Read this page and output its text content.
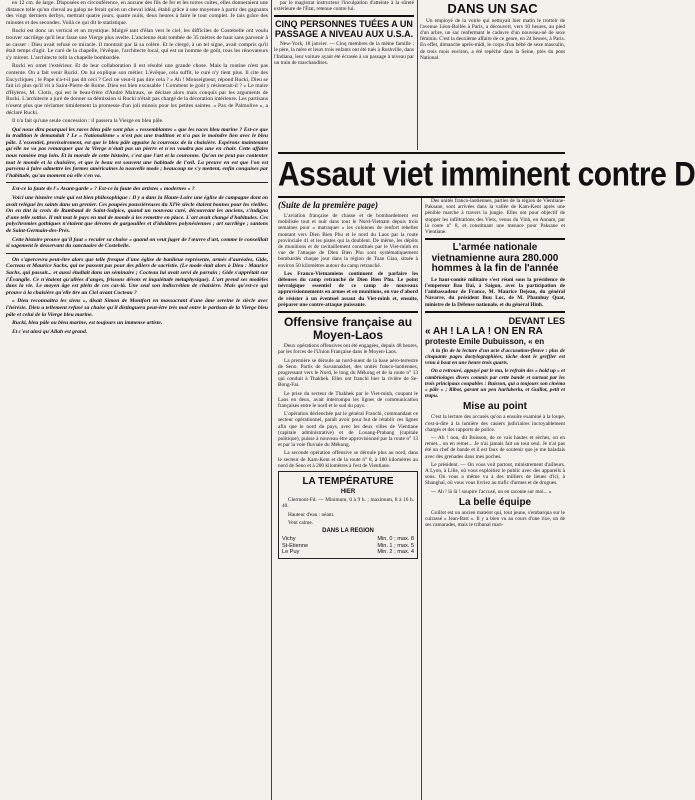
en 12 cm. de large. Disposées en circonférence, en aucune des fils de fer et les torres cuites, elles donneraient une distance telle qu'un cheval au galop ne ferait qu'en un cheval idéal, établi grâce à une moyenne à partir des gagnants des vingt derniers derbys, mettrait quatre jours, quatre nuits, deux heures à faire le tour complet. Je tais grâce des minutes et des secondes. Voilà ce qui dit le statistique.

Rucki est donc un vertical et un mystique. Malgré tant d'élan vers le ciel, les difficiles de Costebelle ont voulu trouver sacrilège qu'il leur fasse une Vierge plus avelte. L'ancienne était tombée de 35 mètres de haut sans parvenir à se casser : Dieu avait refusé ce miracle. Il montrait par là sa colère. Et le clergé, à un tel signe, avait compris qu'il était temps d'agir. Le curé de la chapelle, l'évêque, l'architecte local, qui est un homme de goût, tous les rénovateurs s'y mirent. L'architecte relit la chapelle bombardée.

Rucki en omet l'extérieur. Et de leur collaboration il est résulté une grande chose. Mais la routine n'est pas contente. On a fait venir Rucki. On lui explique son métier. L'évêque, cela suffit, le curé n'y tient plus. Il cite des Encycliques ; le Pape n'a-t-il pas dit ceci ? Ceci ne veut-il pas dire cela ? « Ah ! Monseigneur, répond Rucki, Dieu se fait ici plus qu'il vit à Saint-Pierre de Rome. Dieu est bien excusable ! Comment le goût y résisterait-il ? » Le maire d'Hyères, M. Clotis, qui est le beau-frère d'André Malraux, se déclare alors mais conquis par les arguments de Rucki. L'architecte a juré de donner sa démission si Rucki n'était pas chargé de la décoration intérieure. Les partisans n'osent plus que réclamer timidement la promesse d'un joli minois pour les petites saintes. « Pax de Palmolive », a déclaré Rucki.

Il n'a fait qu'une seule concession : il passera la Vierge en bleu pâle.

Qui nous dira pourquoi les races bleu pâle sont plus « ressemblantes » que les races bleu marine ? Est-ce que la tradition le demandait ? Le « Nationalisme » n'est pas une tradition et n'a pas le moindre lien avec le bleu pâle. L'essentiel, provisoirement, est que le bleu pâle appaise la courroux de la chaisière. Espérons maintenant qu'elle ne va pas remarquer que la Vierge n'était pas un pierre et n'en voudra pas une en chair. Cette affaire nous ramène trop loin. Et la morale de cette histoire, c'est que l'art et la couronne. Qu'on ne peut pas contenter tout le monde et la chaisière, et que le beau est souvent une habitude de l'œil. La preuve en est que l'on est parvenu à faire admettre les formes américaines la nouvelle mode ; beaucoup ne s'y mettent, enfin conquises par l'habitude, qu'au moment où elle s'en va.

Est-ce la faute de l'« Avant-garde » ? Est-ce la faute des artistes « modernes » ?

Voici une histoire vraie qui est bien philosophique : Il y a dans la Haute-Loire une église de campagne dont on avait relégué les saints dans un grenier. Ces poupées poussiéreuses du XIVe siècle étaient bonnes pour les vieilles. On en tint la croix de Rambaud de Saint-Sulpice, quand un nouveau curé, découvrant les anciens, s'indigna d'une telle sottise. Il mit tout le pays en mal de monde à les remettre en place. L'art avait changé d'habitudes. Ces polychromies gothiques n'étaient que dévotes de gargouilles et d'idolâtres polynésiennes ; art sacrilège ; santons de Saint-Germain-des-Prés.

Cette histoire prouve qu'il faut « reculer sa chaise » quand on veut juger de l'œuvre d'art, comme le conseillait si sagement le desservant du sanctuaire de Costebelle.

On s'apercevra peut-être alors que telle fresque d'une église de banlieue représente, armés d'auréoles, Gide, Cocteau et Maurice Sachs, qui ne passent pas pour des piliers de sacristie. (Le mode était alors à Dieu : Maurice Sachs, qui passait... et aussi étudiait dans un séminaire ; Cocteau lui avait servi de parrain ; Gide s'apprêtait sur l'Évangile. Ce n'étaient qu'allées d'anges, frissons dévots et inquiétude métaphysique). L'art prend ses modèles dans la vie. Le moyen âge est plein de ces cas-là. Une seul son indiscrétion de chaisière. Mais qu'est-ce qui prouve à la chaisière qu'elle tire au Ciel avant Cocteau ?

« Dieu reconnaîtra les siens », disait Simon de Montfort en massacrant d'une âme sereine le siècle avec l'hérésie. Dieu a tellement refusé sa chaise qu'il distinguera peut-être très mal entre le partisan de la Vierge bleu pâle et celui de la Vierge bleu marine.

Rucki, bleu pâle ou bleu marine, est toujours un immense artiste.

Et c'est ainsi qu'Allah est grand.

par le magistrat instructeur l'inculpation d'atteinte à la sûreté extérieure de l'État, retenue contre lui.

CINQ PERSONNES TUÉES A UN PASSAGE A NIVEAU AUX U.S.A.

New-York, 18 janvier. — Cinq membres de la même famille : le père, la mère et leurs trois enfants ont été tués à Rushville, dans l'Indiana, leur voiture ayant été écrasée à un passage à niveau par un train de marchandises.

DANS UN SAC

Un employé de la voirie qui nettoyait hier matin le trottoir de l'avenue Léon-Bollée à Paris, a découvert, vers 10 heures, au pied d'un arbre, un sac renfermant le cadavre d'un nouveau-né de sexe féminin. C'est la deuxième affaire de ce genre, en 24 heures, à Paris. En effet, dimanche après-midi, le corps d'un bébé de sexe masculin, de trois mois environ, a été repêché dans la Seine, près du pont National.

Assaut viet imminent contre D
(Suite de la première page)

L'aviation française de chasse et de bombardement est mobilisée tout et nuit dans tout le Nord-Vietnam depuis trois semaines pour « matraquer » les colonnes de renfort rebelles montant vers Dien Bien Phu et le nord du Laos par la route provinciale 41 et les pistes qui la doublent. De même, les dépôts de munitions et de ravitaillement constitués par le Viet-minh en vue de l'attaque de Dien Bien Phu sont systématiquement bombardés chaque jour dans la région de Tuan Giao, située à environ 50 kilomètres autour du camp retranché.

Les Franco-Vietnamiens continuent de parfaire les défenses du camp retranché de Dien Bien Phu. Le point névralgique essentiel de ce camp de nouveaux approvisionnements en armes et en munitions, en vue d'abord de résister à un éventuel assaut du Viet-minh et, ensuite, préparer une contre-attaque puissante.

Offensive française au Moyen-Laos

Deux opérations offensives ont été engagées, depuis 48 heures, par les forces de l'Union Française dans le Moyen-Laos.

La première se déroule au nord-ouest de la base aéro-terrestre de Seno. Partis de Savannakhet, des unités franco-laotiennes, progressant vers le Nord, le long du Mékong et de la route n° 13 qui conduit à Thakhek. Elles ont franchi hier la rivière de Se-Bong-Fai.

Le prise du secteur de Thakhek par le Viet-minh, coupant le Laos en deux, avait interrompu les lignes de communication françaises entre le nord et le sud du pays.

L'opération déclenchée par le général Franchi, commandant ce secteur opérationnel, paraît avoir pour but de rétablir ces lignes afin que le nord du pays, avec les deux villes de Vientiane (capitale administrative) et de Louang-Prabang (capitale politique), puisse à nouveau être approvisionné par la route n° 13 et par la voie fluviale du Mékong.

La seconde opération offensive se déroule plus au nord, dans le secteur de Kam-Kent et de la route n° 8, à 180 kilomètres au nord de Seno et à 200 kilomètres à l'est de Vientiane.

LA TEMPÉRATURE
HIER

Clermont-Fd. — Minimum, 0 à 9 h. ; maximum, 8 à 16 h. 40.

Hauteur d'eau : néant.

Vent calme.

DANS LA REGION
Vichy	Min. 0 ; max. 8
St-Etienne	Min. 1 ; max. 5
Le Puy	Min. 2 ; max. 4

Des unités franco-laotiennes, parties de la région de Vientiane-Paksane, sont arrivées dans la vallée de Kam-Kent après une pénible marche à travers la jungle. Elles ont pour objectif de stopper les infiltrations des Viets, venus du Vinh, en Annam, par la route n° 8, et constituant une menace pour Paksane et Vientiane.

L'armée nationale vietnamienne aura 280.000 hommes à la fin de l'année

Le haut-comité militaire s'est réuni sous la présidence de l'empereur Bao Dai, à Saigon, avec la participation de l'ambassadeur de France, M. Maurice Dejean, du général Navarre, du président Buu Loc, de M. Phamhuy Quat, ministre de la Défense nationale, et du général Hinh.

DEVANT LES
« AH ! LA LA ! ON EN RA
proteste Emile Dubuisson, « en

A la fin de la lecture d'un acte d'accusation-fleuve : plus de cinquante pages dactylographiées, tâche dont le greffier est venu à bout en une heure trois quarts.

On a retrouvé, appuyé par le mu, le refrain des « hold up » et cambriolages divers commis par cette bande et surtout par les trois principaux coupables : Buisson, qui a toujours son cinéma « pâle » ; Ribot, garant un peu hurluberlu, et Guillot, petit et trapu.

Mise au point

C'est la lecture des accusés qu'on a ensuite examiné à la loupe, c'est-à-dire à la lumière des casiers judiciaires incroyablement chargés et des rapports de police.

— Ah ! non, dit Buisson, de ce vais hautes et sèches, on en remet... on en remet... Je n'ai jamais fait un tout seul. Je n'ai pas été un chef de bande et il est faux de soutenir que je me baladais avec des grenades dans mes poches.

Le président. — On vous voit partout, ministrement d'ailleurs. A Lyon, à Lille, où vous exploitiez le public avec des appareils à sous. On vous a même vu à des milliers de lieues d'ici, à Shanghaï, où vous vous livriez au trafic d'armes et de drogues.

— Ah ! là là ! soupire l'accusé, on en raconte sur moi... »

La belle équipe

Guillot est un ancien matelot qui, tout jeune, s'embarqua sur le cuirassé « Jean-Bart ». Il y a bien vu au cours d'une rixe, un de ses camarades, mais le tribunal mari-
